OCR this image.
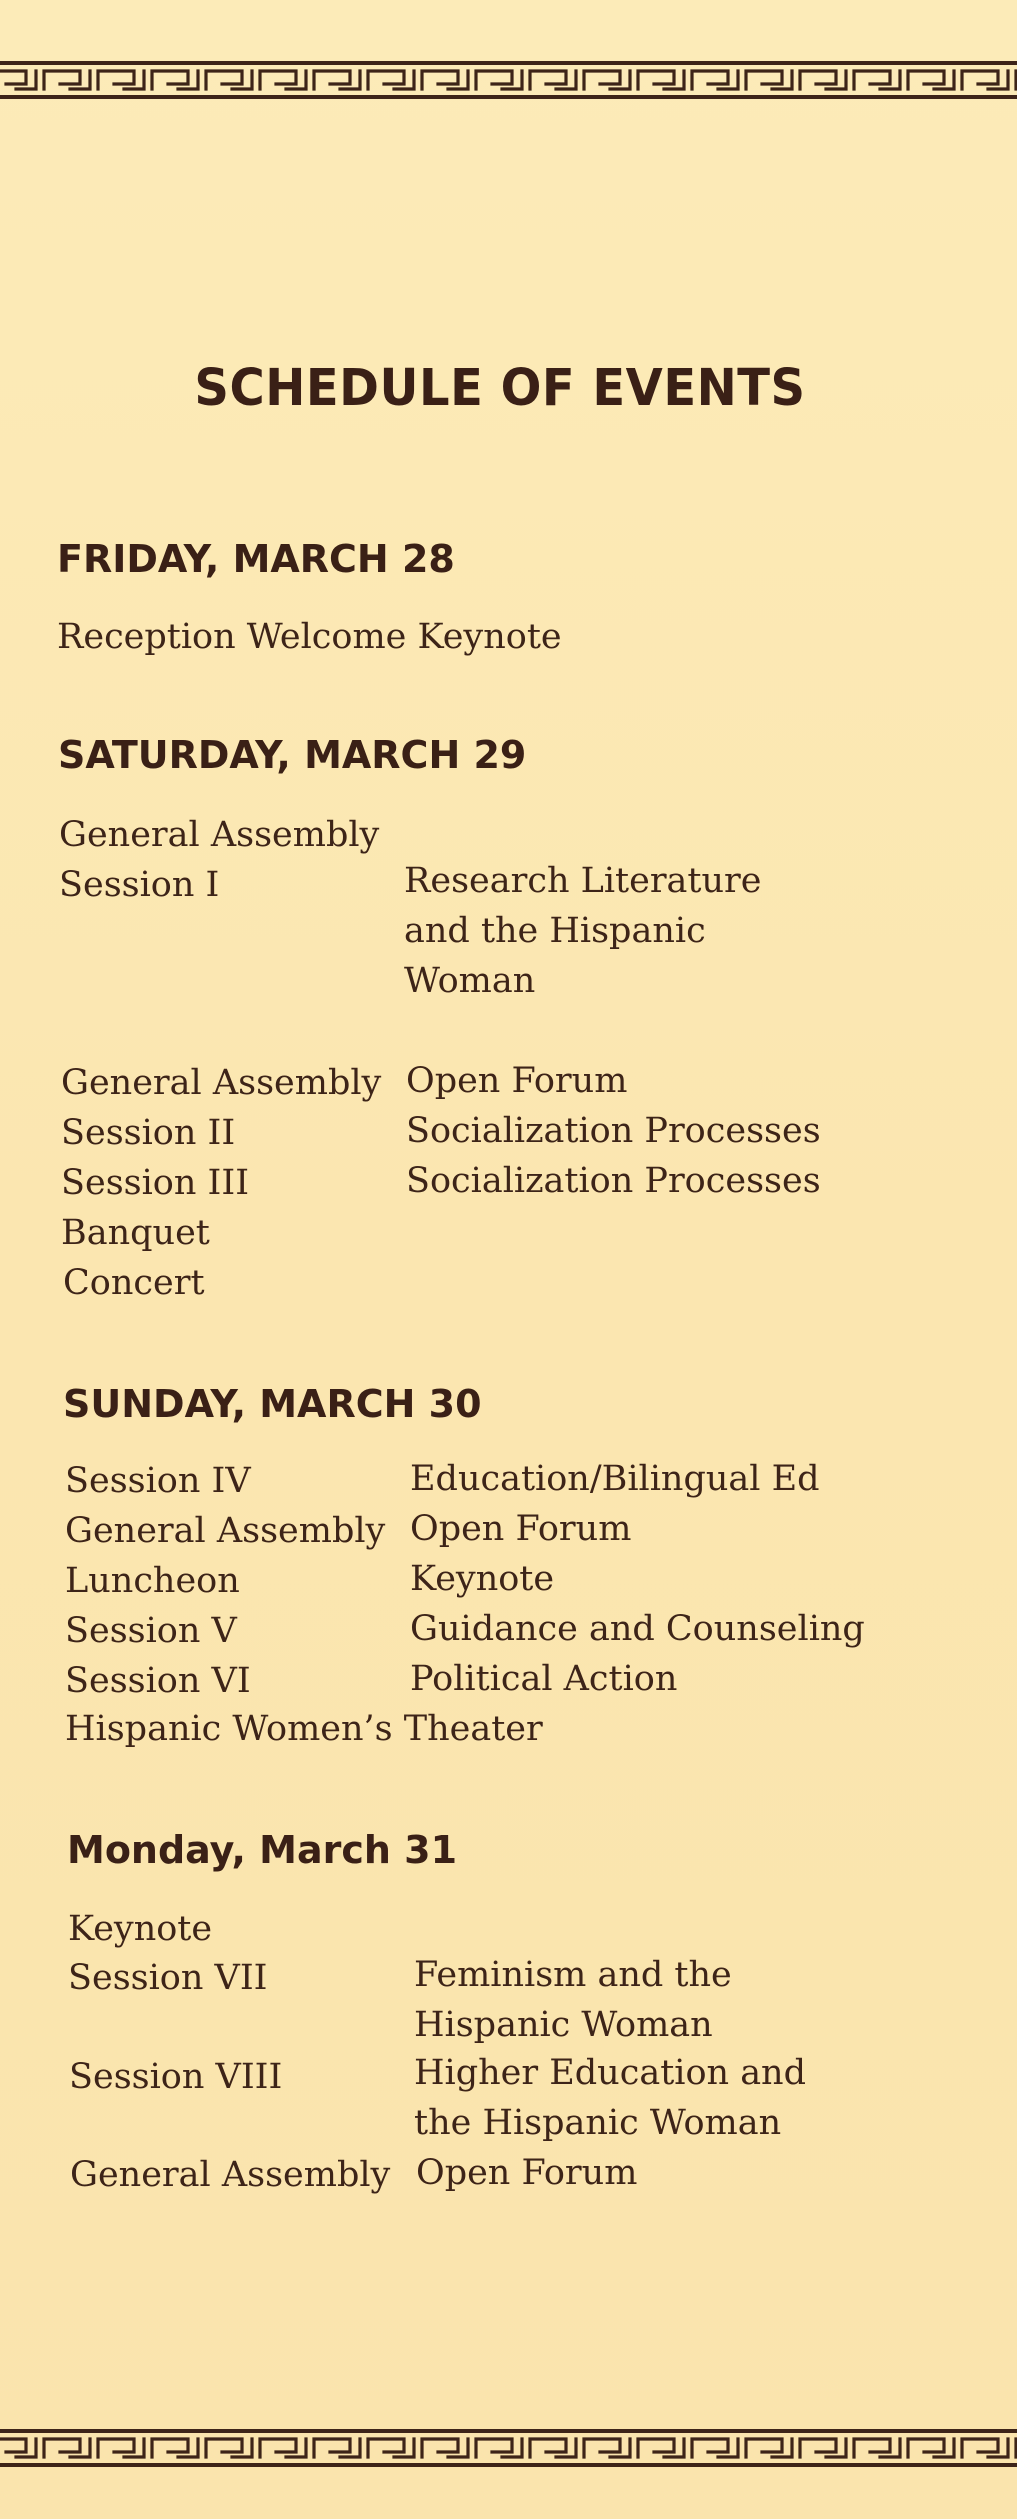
SCHEDULE OF EVENTS
FRIDAY, MARCH 28
Reception Welcome Keynote
SATURDAY, MARCH 29
General Assembly
Session I	Research Literature
and the Hispanic
Woman
General Assembly Open Forum
Session II	Socialization Processes
Session III	Socialization Processes
Banquet
Concert
SUNDAY, MARCH 30
Session IV	Education/Bilingual Ed
General Assembly Open Forum
Luncheon	Keynote
Session V	Guidance and Counseling
Session VI	Political Action
Hispanic Women’s Theater
Monday, March 31
Keynote
Session VII	Feminism and the
Hispanic Woman
Session VIII	Higher Education and
the Hispanic Woman
General Assembly Open Forum
